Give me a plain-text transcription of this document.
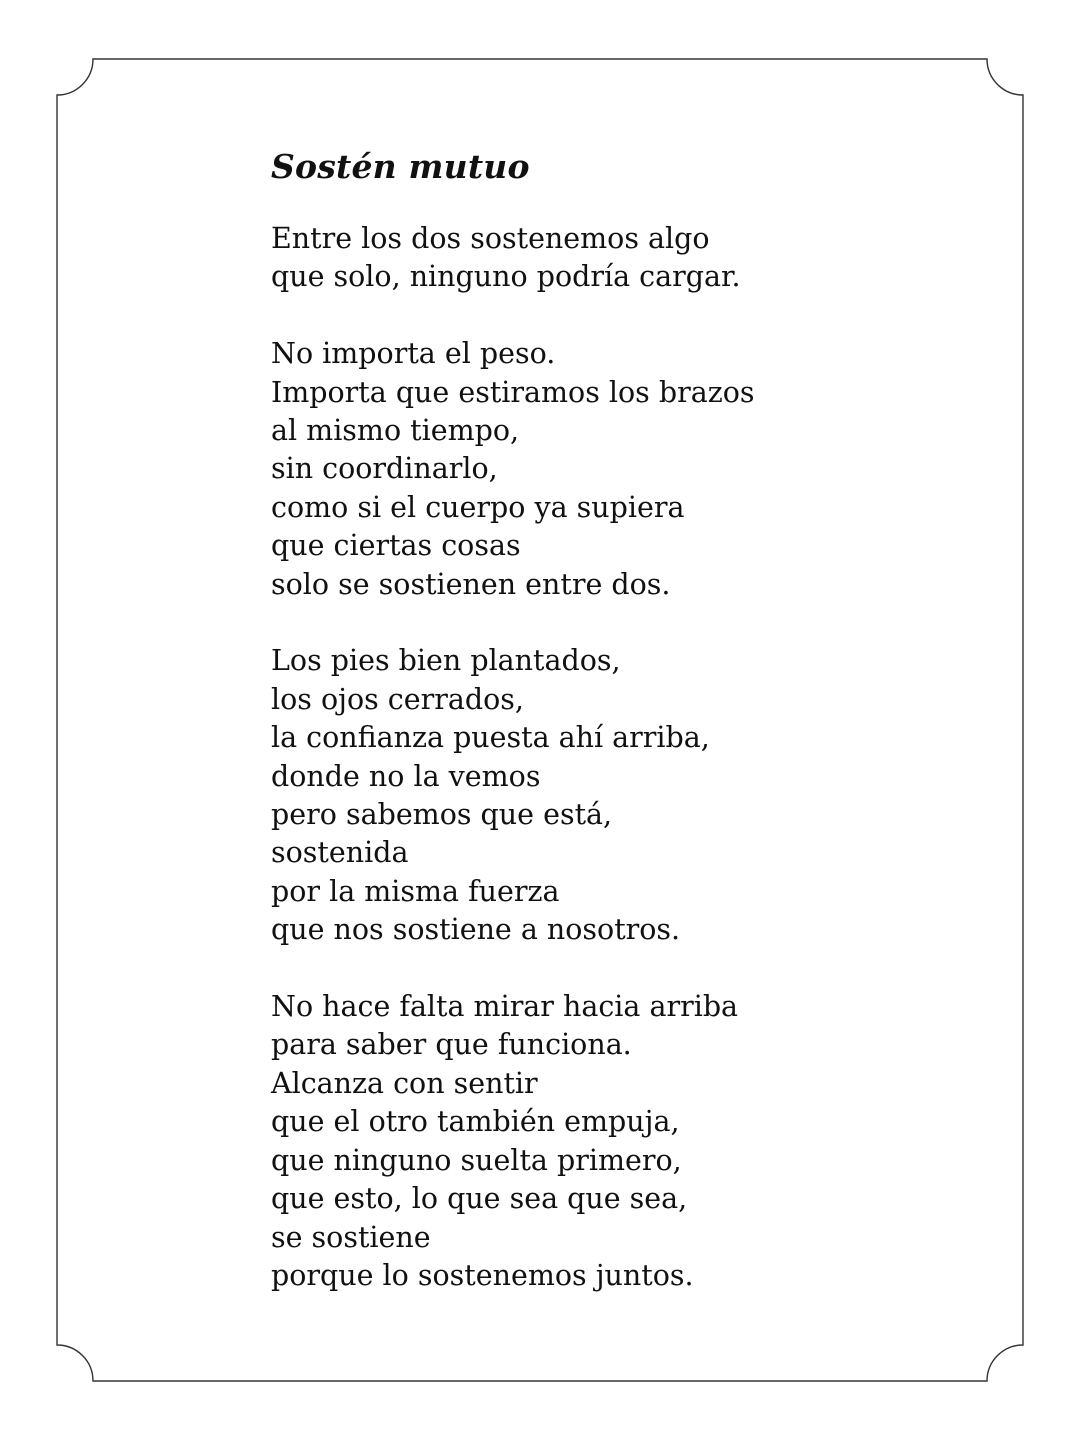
Sostén mutuo

Entre los dos sostenemos algo
que solo, ninguno podría cargar.

No importa el peso.
Importa que estiramos los brazos
al mismo tiempo,
sin coordinarlo,
como si el cuerpo ya supiera
que ciertas cosas
solo se sostienen entre dos.

Los pies bien plantados,
los ojos cerrados,
la confianza puesta ahí arriba,
donde no la vemos
pero sabemos que está,
sostenida
por la misma fuerza
que nos sostiene a nosotros.

No hace falta mirar hacia arriba
para saber que funciona.
Alcanza con sentir
que el otro también empuja,
que ninguno suelta primero,
que esto, lo que sea que sea,
se sostiene
porque lo sostenemos juntos.
